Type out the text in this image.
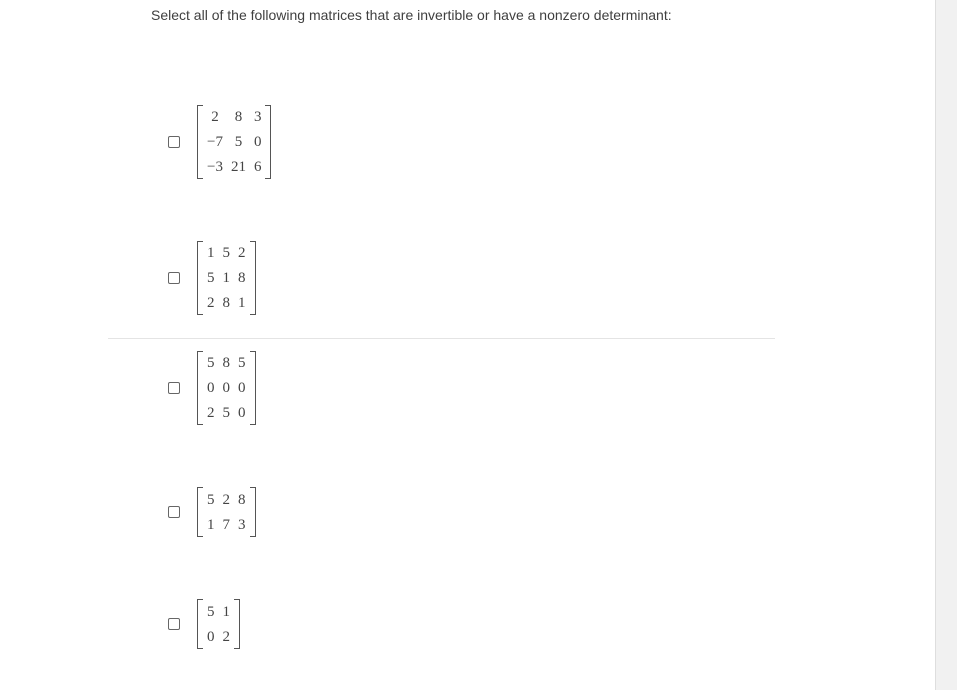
Select all of the following matrices that are invertible or have a nonzero determinant:
2	8	3
−7	5	0
−3	21	6
1	5	2
5	1	8
2	8	1
5	8	5
0	0	0
2	5	0
5	2	8
1	7	3
5	1
0	2
